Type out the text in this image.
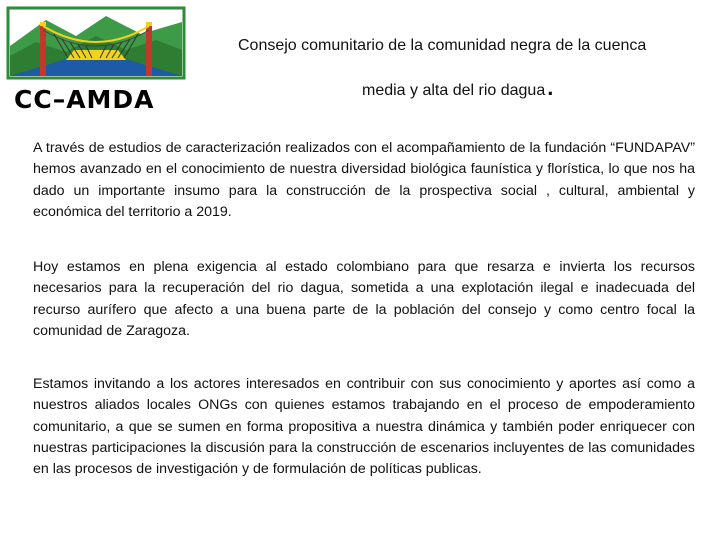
CC–AMDA
Consejo comunitario de la comunidad negra de la cuenca
media y alta del rio dagua.

A través de estudios de caracterización realizados con el acompañamiento de la fundación “FUNDAPAV” hemos avanzado en el conocimiento de nuestra diversidad biológica faunística y florística, lo que nos ha dado un importante insumo para la construcción de la prospectiva social , cultural, ambiental y económica del territorio a 2019.

Hoy estamos en plena exigencia al estado colombiano para que resarza e invierta los recursos necesarios para la recuperación del rio dagua, sometida a una explotación ilegal e inadecuada del recurso aurífero que afecto a una buena parte de la población del consejo y como centro focal la comunidad de Zaragoza.

Estamos invitando a los actores interesados en contribuir con sus conocimiento y aportes así como a nuestros aliados locales ONGs con quienes estamos trabajando en el proceso de empoderamiento comunitario, a que se sumen en forma propositiva a nuestra dinámica y también poder enriquecer con nuestras participaciones la discusión para la construcción de escenarios incluyentes de las comunidades en las procesos de investigación y de formulación de políticas publicas.
